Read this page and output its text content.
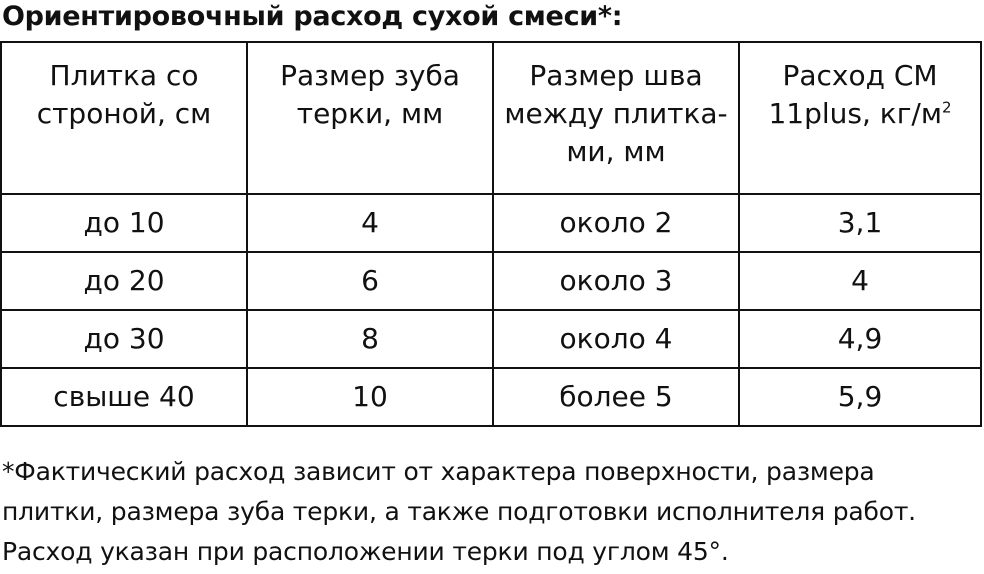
Ориентировочный расход сухой смеси*:
Плитка со строной, см	Размер зуба терки, мм	Размер шва между плитка-ми, мм	Расход СМ 11plus, $кг/м^2$
до 10	4	около 2	3,1
до 20	6	около 3	4
до 30	8	около 4	4,9
свыше 40	10	более 5	5,9

*Фактический расход зависит от характера поверхности, размера

плитки, размера зуба терки, а также подготовки исполнителя работ.

Расход указан при расположении терки под углом 45°.
